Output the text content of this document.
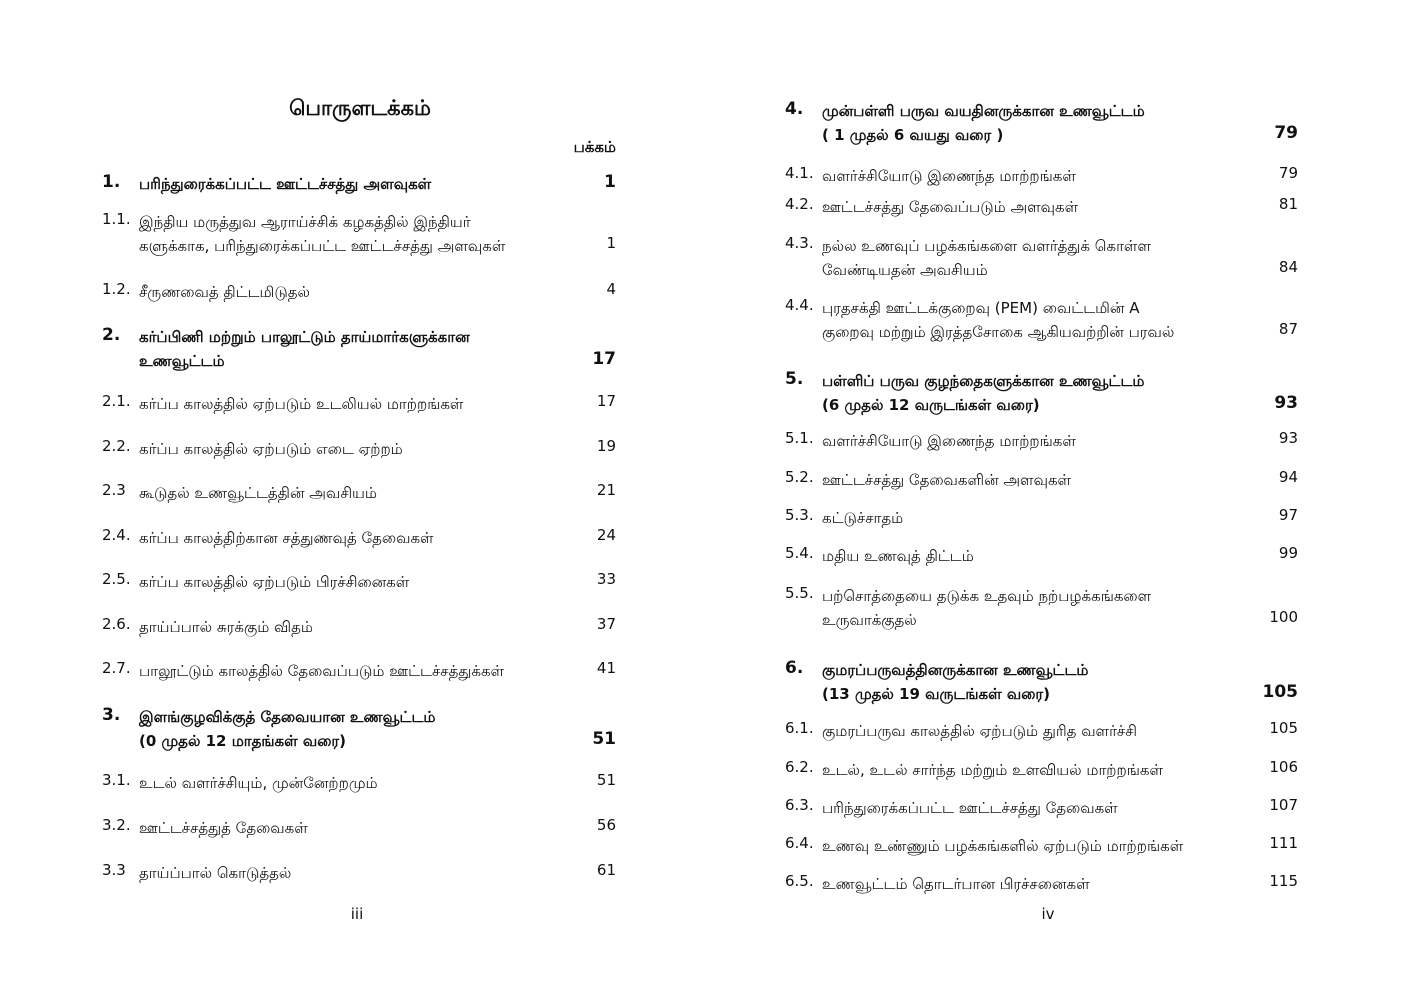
பொருளடக்கம்
பக்கம்
1. பரிந்துரைக்கப்பட்ட ஊட்டச்சத்து அளவுகள்	1
1.1. இந்திய மருத்துவ ஆராய்ச்சிக் கழகத்தில் இந்தியர்
களுக்காக, பரிந்துரைக்கப்பட்ட ஊட்டச்சத்து அளவுகள்	1
1.2. சீருணவைத் திட்டமிடுதல்	4
2. கர்ப்பிணி மற்றும் பாலூட்டும் தாய்மார்களுக்கான
உணவூட்டம்	17
2.1. கர்ப்ப காலத்தில் ஏற்படும் உடலியல் மாற்றங்கள்	17
2.2. கர்ப்ப காலத்தில் ஏற்படும் எடை ஏற்றம்	19
2.3 கூடுதல் உணவூட்டத்தின் அவசியம்	21
2.4. கர்ப்ப காலத்திற்கான சத்துணவுத் தேவைகள்	24
2.5. கர்ப்ப காலத்தில் ஏற்படும் பிரச்சினைகள்	33
2.6. தாய்ப்பால் சுரக்கும் விதம்	37
2.7. பாலூட்டும் காலத்தில் தேவைப்படும் ஊட்டச்சத்துக்கள்	41
3. இளங்குழவிக்குத் தேவையான உணவூட்டம்
(0 முதல் 12 மாதங்கள் வரை)	51
3.1. உடல் வளர்ச்சியும், முன்னேற்றமும்	51
3.2. ஊட்டச்சத்துத் தேவைகள்	56
3.3 தாய்ப்பால் கொடுத்தல்	61
iii
4. முன்பள்ளி பருவ வயதினருக்கான உணவூட்டம்
( 1 முதல் 6 வயது வரை )	79
4.1. வளர்ச்சியோடு இணைந்த மாற்றங்கள்	79
4.2. ஊட்டச்சத்து தேவைப்படும் அளவுகள்	81
4.3. நல்ல உணவுப் பழக்கங்களை வளர்த்துக் கொள்ள
வேண்டியதன் அவசியம்	84
4.4. புரதசக்தி ஊட்டக்குறைவு (PEM) வைட்டமின் A
குறைவு மற்றும் இரத்தசோகை ஆகியவற்றின் பரவல்	87
5. பள்ளிப் பருவ குழந்தைகளுக்கான உணவூட்டம்
(6 முதல் 12 வருடங்கள் வரை)	93
5.1. வளர்ச்சியோடு இணைந்த மாற்றங்கள்	93
5.2. ஊட்டச்சத்து தேவைகளின் அளவுகள்	94
5.3. கட்டுச்சாதம்	97
5.4. மதிய உணவுத் திட்டம்	99
5.5. பற்சொத்தையை தடுக்க உதவும் நற்பழக்கங்களை
உருவாக்குதல்	100
6. குமரப்பருவத்தினருக்கான உணவூட்டம்
(13 முதல் 19 வருடங்கள் வரை)	105
6.1. குமரப்பருவ காலத்தில் ஏற்படும் துரித வளர்ச்சி	105
6.2. உடல், உடல் சார்ந்த மற்றும் உளவியல் மாற்றங்கள்	106
6.3. பரிந்துரைக்கப்பட்ட ஊட்டச்சத்து தேவைகள்	107
6.4. உணவு உண்ணும் பழக்கங்களில் ஏற்படும் மாற்றங்கள்	111
6.5. உணவூட்டம் தொடர்பான பிரச்சனைகள்	115
iv
